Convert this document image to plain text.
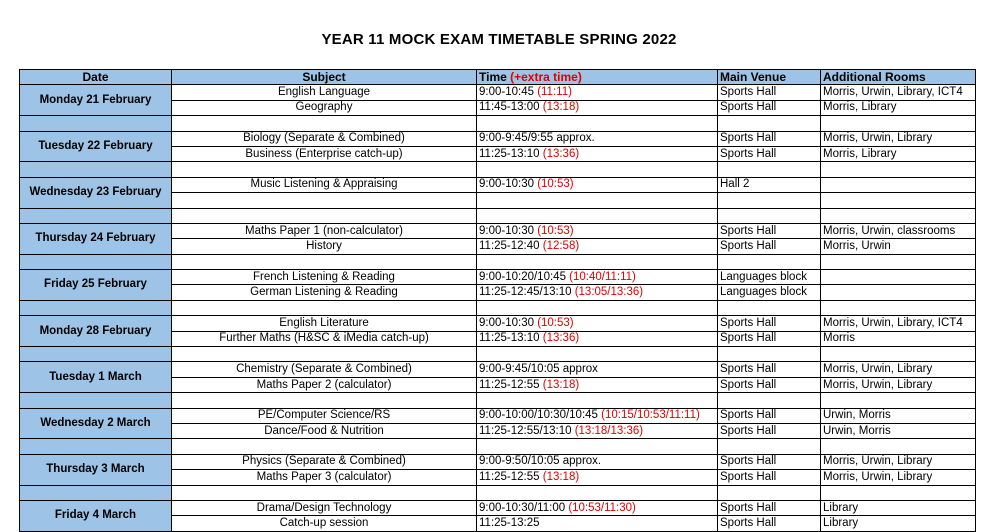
YEAR 11 MOCK EXAM TIMETABLE SPRING 2022
Date	Subject	Time (+extra time)	Main Venue	Additional Rooms
Monday 21 February	English Language	9:00-10:45 (11:11)	Sports Hall	Morris, Urwin, Library, ICT4
	Geography	11:45-13:00 (13:18)	Sports Hall	Morris, Library

Tuesday 22 February	Biology (Separate & Combined)	9:00-9:45/9:55 approx.	Sports Hall	Morris, Urwin, Library
	Business (Enterprise catch-up)	11:25-13:10 (13:36)	Sports Hall	Morris, Library

Wednesday 23 February	Music Listening & Appraising	9:00-10:30 (10:53)	Hall 2	

Thursday 24 February	Maths Paper 1 (non-calculator)	9:00-10:30 (10:53)	Sports Hall	Morris, Urwin, classrooms
	History	11:25-12:40 (12:58)	Sports Hall	Morris, Urwin

Friday 25 February	French Listening & Reading	9:00-10:20/10:45 (10:40/11:11)	Languages block	
	German Listening & Reading	11:25-12:45/13:10 (13:05/13:36)	Languages block	

Monday 28 February	English Literature	9:00-10:30 (10:53)	Sports Hall	Morris, Urwin, Library, ICT4
	Further Maths (H&SC & iMedia catch-up)	11:25-13:10 (13:36)	Sports Hall	Morris

Tuesday 1 March	Chemistry (Separate & Combined)	9:00-9:45/10:05 approx	Sports Hall	Morris, Urwin, Library
	Maths Paper 2 (calculator)	11:25-12:55 (13:18)	Sports Hall	Morris, Urwin, Library

Wednesday 2 March	PE/Computer Science/RS	9:00-10:00/10:30/10:45 (10:15/10:53/11:11)	Sports Hall	Urwin, Morris
	Dance/Food & Nutrition	11:25-12:55/13:10 (13:18/13:36)	Sports Hall	Urwin, Morris

Thursday 3 March	Physics (Separate & Combined)	9:00-9:50/10:05 approx.	Sports Hall	Morris, Urwin, Library
	Maths Paper 3 (calculator)	11:25-12:55 (13:18)	Sports Hall	Morris, Urwin, Library

Friday 4 March	Drama/Design Technology	9:00-10:30/11:00 (10:53/11:30)	Sports Hall	Library
	Catch-up session	11:25-13:25	Sports Hall	Library
